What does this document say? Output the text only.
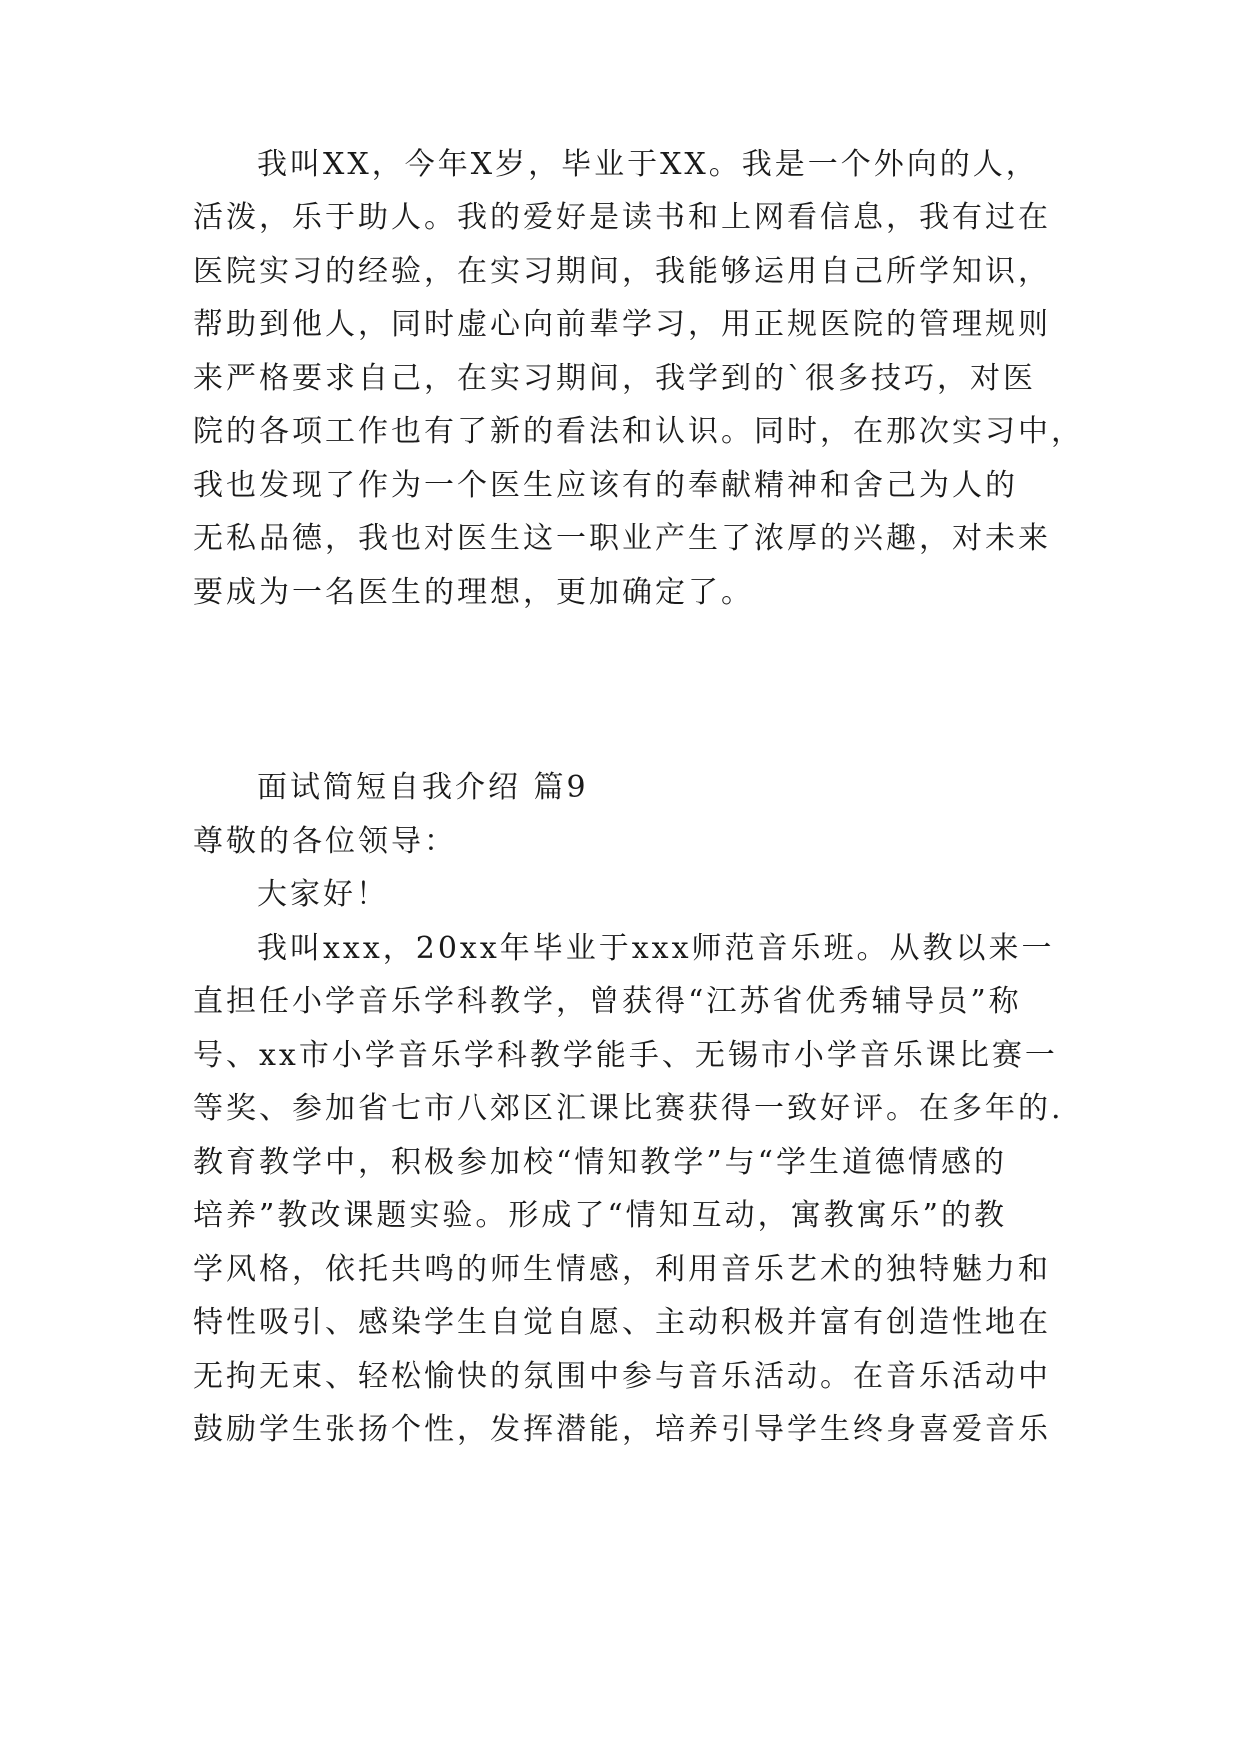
我叫XX，今年X岁，毕业于XX。我是一个外向的人，
活泼，乐于助人。我的爱好是读书和上网看信息，我有过在
医院实习的经验，在实习期间，我能够运用自己所学知识，
帮助到他人，同时虚心向前辈学习，用正规医院的管理规则
来严格要求自己，在实习期间，我学到的`很多技巧，对医
院的各项工作也有了新的看法和认识。同时，在那次实习中，
我也发现了作为一个医生应该有的奉献精神和舍己为人的
无私品德，我也对医生这一职业产生了浓厚的兴趣，对未来
要成为一名医生的理想，更加确定了。
面试简短自我介绍 篇9
尊敬的各位领导：
大家好！
我叫xxx，20xx年毕业于xxx师范音乐班。从教以来一
直担任小学音乐学科教学，曾获得“江苏省优秀辅导员”称
号、xx市小学音乐学科教学能手、无锡市小学音乐课比赛一
等奖、参加省七市八郊区汇课比赛获得一致好评。在多年的.
教育教学中，积极参加校“情知教学”与“学生道德情感的
培养”教改课题实验。形成了“情知互动，寓教寓乐”的教
学风格，依托共鸣的师生情感，利用音乐艺术的独特魅力和
特性吸引、感染学生自觉自愿、主动积极并富有创造性地在
无拘无束、轻松愉快的氛围中参与音乐活动。在音乐活动中
鼓励学生张扬个性，发挥潜能，培养引导学生终身喜爱音乐
